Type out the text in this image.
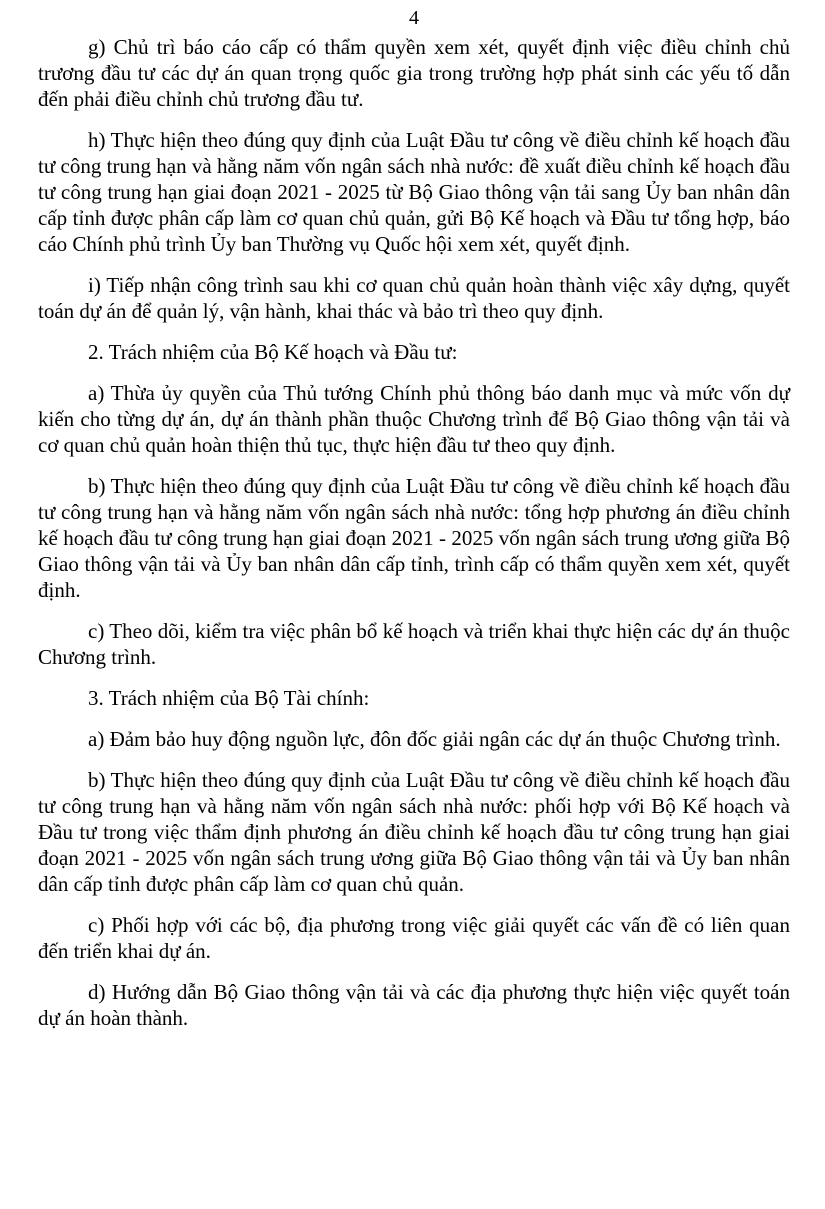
4

g) Chủ trì báo cáo cấp có thẩm quyền xem xét, quyết định việc điều chỉnh chủ trương đầu tư các dự án quan trọng quốc gia trong trường hợp phát sinh các yếu tố dẫn đến phải điều chỉnh chủ trương đầu tư.

h) Thực hiện theo đúng quy định của Luật Đầu tư công về điều chỉnh kế hoạch đầu tư công trung hạn và hằng năm vốn ngân sách nhà nước: đề xuất điều chỉnh kế hoạch đầu tư công trung hạn giai đoạn 2021 - 2025 từ Bộ Giao thông vận tải sang Ủy ban nhân dân cấp tỉnh được phân cấp làm cơ quan chủ quản, gửi Bộ Kế hoạch và Đầu tư tổng hợp, báo cáo Chính phủ trình Ủy ban Thường vụ Quốc hội xem xét, quyết định.

i) Tiếp nhận công trình sau khi cơ quan chủ quản hoàn thành việc xây dựng, quyết toán dự án để quản lý, vận hành, khai thác và bảo trì theo quy định.

2. Trách nhiệm của Bộ Kế hoạch và Đầu tư:

a) Thừa ủy quyền của Thủ tướng Chính phủ thông báo danh mục và mức vốn dự kiến cho từng dự án, dự án thành phần thuộc Chương trình để Bộ Giao thông vận tải và cơ quan chủ quản hoàn thiện thủ tục, thực hiện đầu tư theo quy định.

b) Thực hiện theo đúng quy định của Luật Đầu tư công về điều chỉnh kế hoạch đầu tư công trung hạn và hằng năm vốn ngân sách nhà nước: tổng hợp phương án điều chỉnh kế hoạch đầu tư công trung hạn giai đoạn 2021 - 2025 vốn ngân sách trung ương giữa Bộ Giao thông vận tải và Ủy ban nhân dân cấp tỉnh, trình cấp có thẩm quyền xem xét, quyết định.

c) Theo dõi, kiểm tra việc phân bổ kế hoạch và triển khai thực hiện các dự án thuộc Chương trình.

3. Trách nhiệm của Bộ Tài chính:

a) Đảm bảo huy động nguồn lực, đôn đốc giải ngân các dự án thuộc Chương trình.

b) Thực hiện theo đúng quy định của Luật Đầu tư công về điều chỉnh kế hoạch đầu tư công trung hạn và hằng năm vốn ngân sách nhà nước: phối hợp với Bộ Kế hoạch và Đầu tư trong việc thẩm định phương án điều chỉnh kế hoạch đầu tư công trung hạn giai đoạn 2021 - 2025 vốn ngân sách trung ương giữa Bộ Giao thông vận tải và Ủy ban nhân dân cấp tỉnh được phân cấp làm cơ quan chủ quản.

c) Phối hợp với các bộ, địa phương trong việc giải quyết các vấn đề có liên quan đến triển khai dự án.

d) Hướng dẫn Bộ Giao thông vận tải và các địa phương thực hiện việc quyết toán dự án hoàn thành.
